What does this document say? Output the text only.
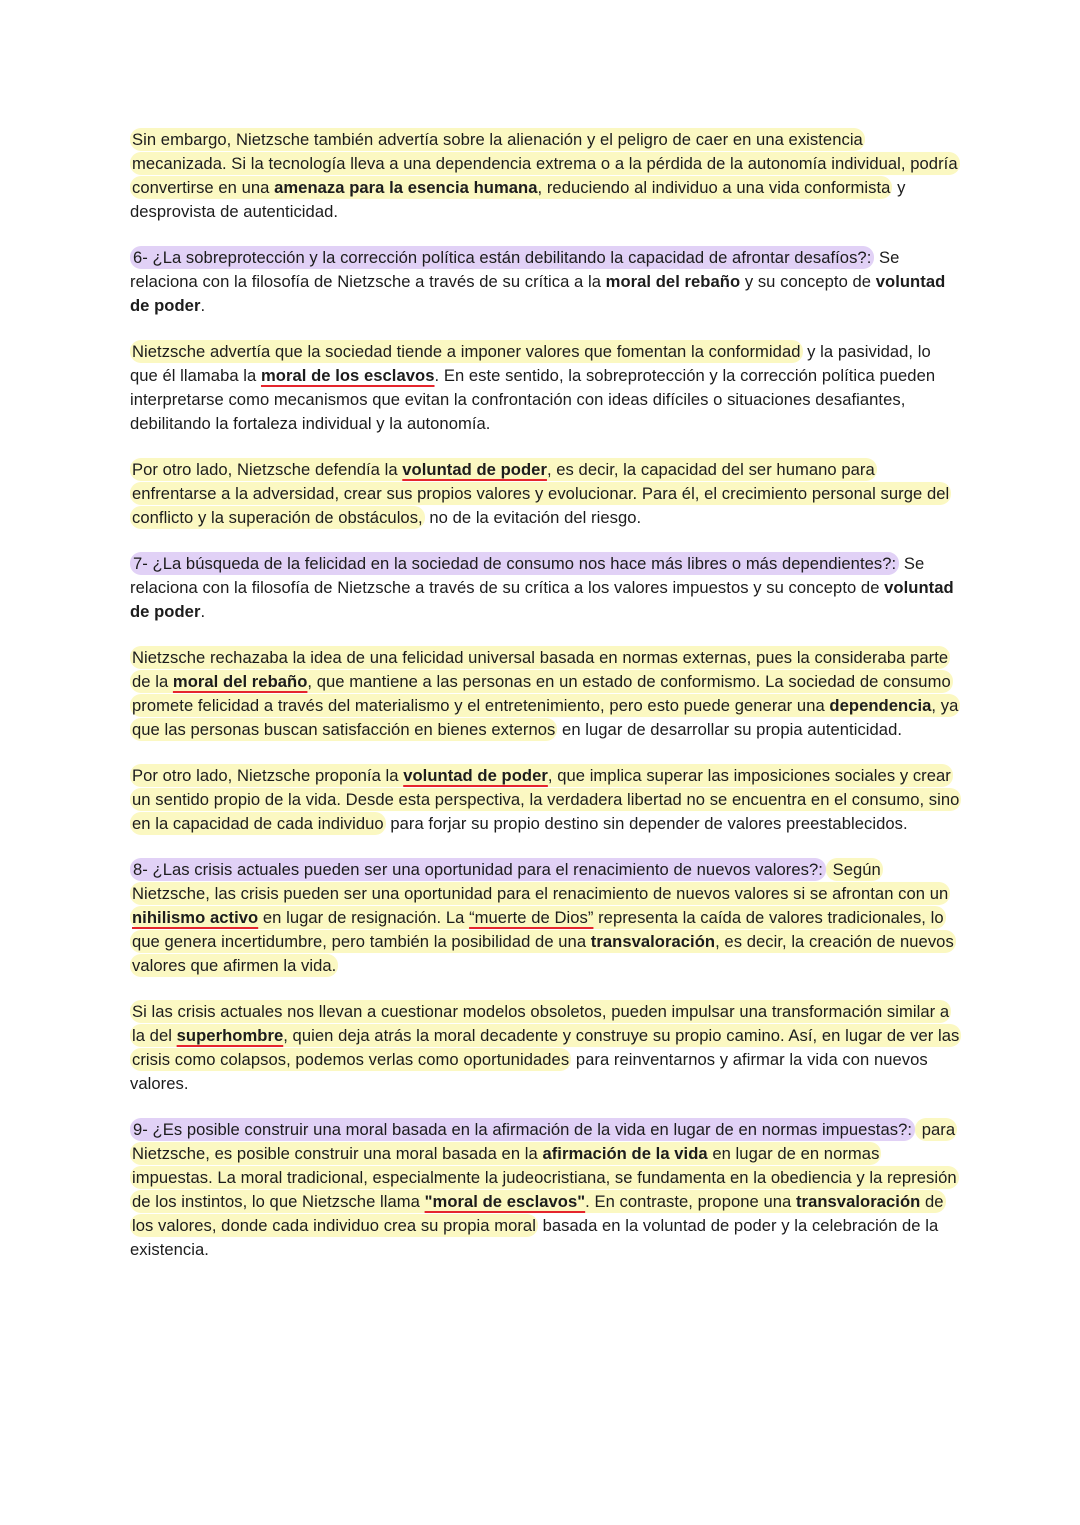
Sin embargo, Nietzsche también advertía sobre la alienación y el peligro de caer en una existencia mecanizada. Si la tecnología lleva a una dependencia extrema o a la pérdida de la autonomía individual, podría convertirse en una amenaza para la esencia humana, reduciendo al individuo a una vida conformista y desprovista de autenticidad.

6- ¿La sobreprotección y la corrección política están debilitando la capacidad de afrontar desafíos?: Se relaciona con la filosofía de Nietzsche a través de su crítica a la moral del rebaño y su concepto de voluntad de poder.

Nietzsche advertía que la sociedad tiende a imponer valores que fomentan la conformidad y la pasividad, lo que él llamaba la moral de los esclavos. En este sentido, la sobreprotección y la corrección política pueden interpretarse como mecanismos que evitan la confrontación con ideas difíciles o situaciones desafiantes, debilitando la fortaleza individual y la autonomía.

Por otro lado, Nietzsche defendía la voluntad de poder, es decir, la capacidad del ser humano para enfrentarse a la adversidad, crear sus propios valores y evolucionar. Para él, el crecimiento personal surge del conflicto y la superación de obstáculos, no de la evitación del riesgo.

7- ¿La búsqueda de la felicidad en la sociedad de consumo nos hace más libres o más dependientes?: Se relaciona con la filosofía de Nietzsche a través de su crítica a los valores impuestos y su concepto de voluntad de poder.

Nietzsche rechazaba la idea de una felicidad universal basada en normas externas, pues la consideraba parte de la moral del rebaño, que mantiene a las personas en un estado de conformismo. La sociedad de consumo promete felicidad a través del materialismo y el entretenimiento, pero esto puede generar una dependencia, ya que las personas buscan satisfacción en bienes externos en lugar de desarrollar su propia autenticidad.

Por otro lado, Nietzsche proponía la voluntad de poder, que implica superar las imposiciones sociales y crear un sentido propio de la vida. Desde esta perspectiva, la verdadera libertad no se encuentra en el consumo, sino en la capacidad de cada individuo para forjar su propio destino sin depender de valores preestablecidos.

8- ¿Las crisis actuales pueden ser una oportunidad para el renacimiento de nuevos valores?: Según Nietzsche, las crisis pueden ser una oportunidad para el renacimiento de nuevos valores si se afrontan con un nihilismo activo en lugar de resignación. La “muerte de Dios” representa la caída de valores tradicionales, lo que genera incertidumbre, pero también la posibilidad de una transvaloración, es decir, la creación de nuevos valores que afirmen la vida.

Si las crisis actuales nos llevan a cuestionar modelos obsoletos, pueden impulsar una transformación similar a la del superhombre, quien deja atrás la moral decadente y construye su propio camino. Así, en lugar de ver las crisis como colapsos, podemos verlas como oportunidades para reinventarnos y afirmar la vida con nuevos valores.

9- ¿Es posible construir una moral basada en la afirmación de la vida en lugar de en normas impuestas?: para Nietzsche, es posible construir una moral basada en la afirmación de la vida en lugar de en normas impuestas. La moral tradicional, especialmente la judeocristiana, se fundamenta en la obediencia y la represión de los instintos, lo que Nietzsche llama "moral de esclavos". En contraste, propone una transvaloración de los valores, donde cada individuo crea su propia moral basada en la voluntad de poder y la celebración de la existencia.
